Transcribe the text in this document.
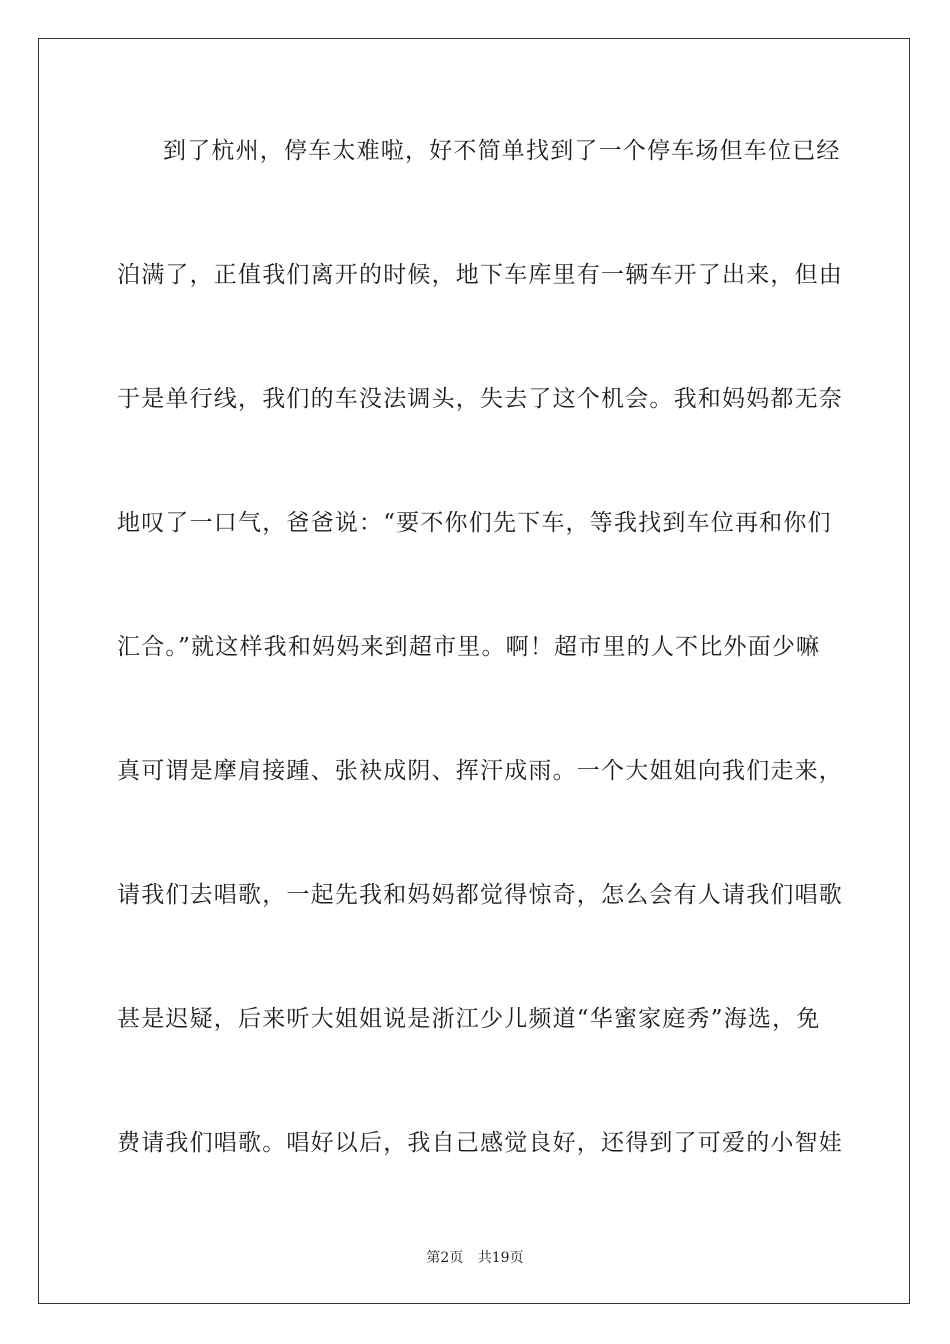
到了杭州，停车太难啦，好不简单找到了一个停车场但车位已经
泊满了，正值我们离开的时候，地下车库里有一辆车开了出来，但由
于是单行线，我们的车没法调头，失去了这个机会。我和妈妈都无奈
地叹了一口气，爸爸说：“要不你们先下车，等我找到车位再和你们
汇合。”就这样我和妈妈来到超市里。啊！超市里的人不比外面少嘛
真可谓是摩肩接踵、张袂成阴、挥汗成雨。一个大姐姐向我们走来，
请我们去唱歌，一起先我和妈妈都觉得惊奇，怎么会有人请我们唱歌
甚是迟疑，后来听大姐姐说是浙江少儿频道“华蜜家庭秀”海选，免
费请我们唱歌。唱好以后，我自己感觉良好，还得到了可爱的小智娃
第2页 共19页
